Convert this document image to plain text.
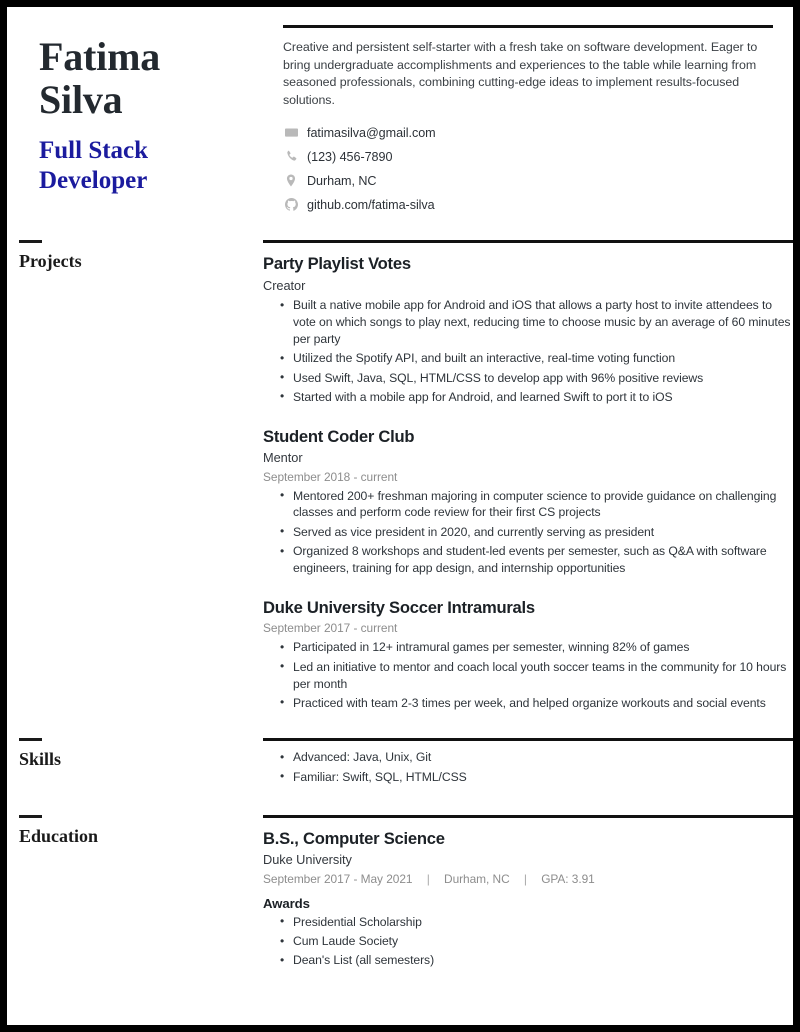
Fatima
Silva
Full Stack
Developer
Creative and persistent self-starter with a fresh take on software development. Eager to bring undergraduate accomplishments and experiences to the table while learning from seasoned professionals, combining cutting-edge ideas to implement results-focused solutions.
fatimasilva@gmail.com
(123) 456-7890
Durham, NC
github.com/fatima-silva
Projects	Party Playlist Votes
Creator
• Built a native mobile app for Android and iOS that allows a party host to invite attendees to vote on which songs to play next, reducing time to choose music by an average of 60 minutes per party
• Utilized the Spotify API, and built an interactive, real-time voting function
• Used Swift, Java, SQL, HTML/CSS to develop app with 96% positive reviews
• Started with a mobile app for Android, and learned Swift to port it to iOS
Student Coder Club
Mentor
September 2018 - current
• Mentored 200+ freshman majoring in computer science to provide guidance on challenging classes and perform code review for their first CS projects
• Served as vice president in 2020, and currently serving as president
• Organized 8 workshops and student-led events per semester, such as Q&A with software engineers, training for app design, and internship opportunities
Duke University Soccer Intramurals
September 2017 - current
• Participated in 12+ intramural games per semester, winning 82% of games
• Led an initiative to mentor and coach local youth soccer teams in the community for 10 hours per month
• Practiced with team 2-3 times per week, and helped organize workouts and social events
Skills	• Advanced: Java, Unix, Git
• Familiar: Swift, SQL, HTML/CSS
Education	B.S., Computer Science
Duke University
September 2017 - May 2021 | Durham, NC | GPA: 3.91
Awards
• Presidential Scholarship
• Cum Laude Society
• Dean's List (all semesters)
